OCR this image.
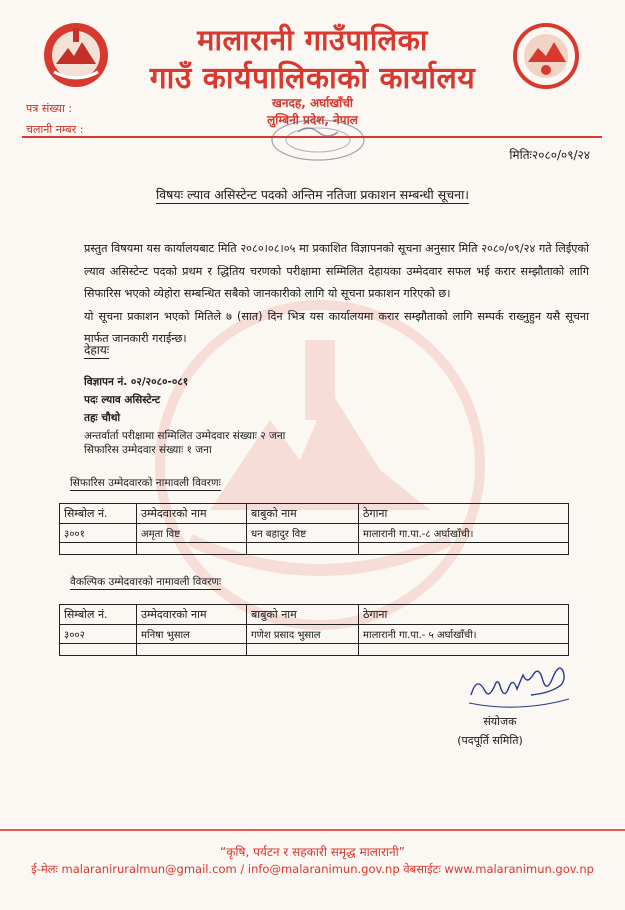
मालारानी गाउँपालिका
गाउँ कार्यपालिकाको कार्यालय
खनदह, अर्घाखाँची
लुम्बिनी प्रदेश, नेपाल
पत्र संख्या :
चलानी नम्बर :
मितिः२०८०/०९/२४
विषयः ल्याव असिस्टेन्ट पदको अन्तिम नतिजा प्रकाशन सम्बन्धी सूचना।
प्रस्तुत विषयमा यस कार्यालयबाट मिति २०८०।०८।०५ मा प्रकाशित विज्ञापनको सूचना अनुसार मिति २०८०/०९/२४ गते लिईएको ल्याव असिस्टेन्ट पदको प्रथम र द्धितिय चरणको परीक्षामा सम्मिलित देहायका उम्मेदवार सफल भई करार सम्झौताको लागि सिफारिस भएको व्येहोरा सम्बन्धित सबैको जानकारीको लागि यो सूचना प्रकाशन गरिएको छ।
यो सूचना प्रकाशन भएको मितिले ७ (सात) दिन भित्र यस कार्यालयमा करार सम्झौताको लागि सम्पर्क राख्नुहुन यसै सूचना मार्फत जानकारी गराईन्छ।
देहायः
विज्ञापन नं. ०२/२०८०-०८१
पदः ल्याव असिस्टेन्ट
तहः चौथो
अन्तर्वार्ता परीक्षामा सम्मिलित उम्मेदवार संख्याः २ जना
सिफारिस उम्मेदवार संख्याः १ जना
सिफारिस उम्मेदवारको नामावली विवरणः
सिम्बोल नं.	उम्मेदवारको नाम	बाबुको नाम	ठेगाना
३००१	अमृता विष्ट	धन बहादुर विष्ट	मालारानी गा.पा.-८ अर्घाखाँची।

वैकल्पिक उम्मेदवारको नामावली विवरणः
सिम्बोल नं.	उम्मेदवारको नाम	बाबुको नाम	ठेगाना
३००२	मनिषा भुसाल	गणेश प्रसाद भुसाल	मालारानी गा.पा.- ५ अर्घाखाँची।

संयोजक
(पदपूर्ति समिति)
“कृषि, पर्यटन र सहकारी समृद्ध मालारानी”
ई-मेलः malaraniruralmun@gmail.com / info@malaranimun.gov.np वेबसाईटः www.malaranimun.gov.np
